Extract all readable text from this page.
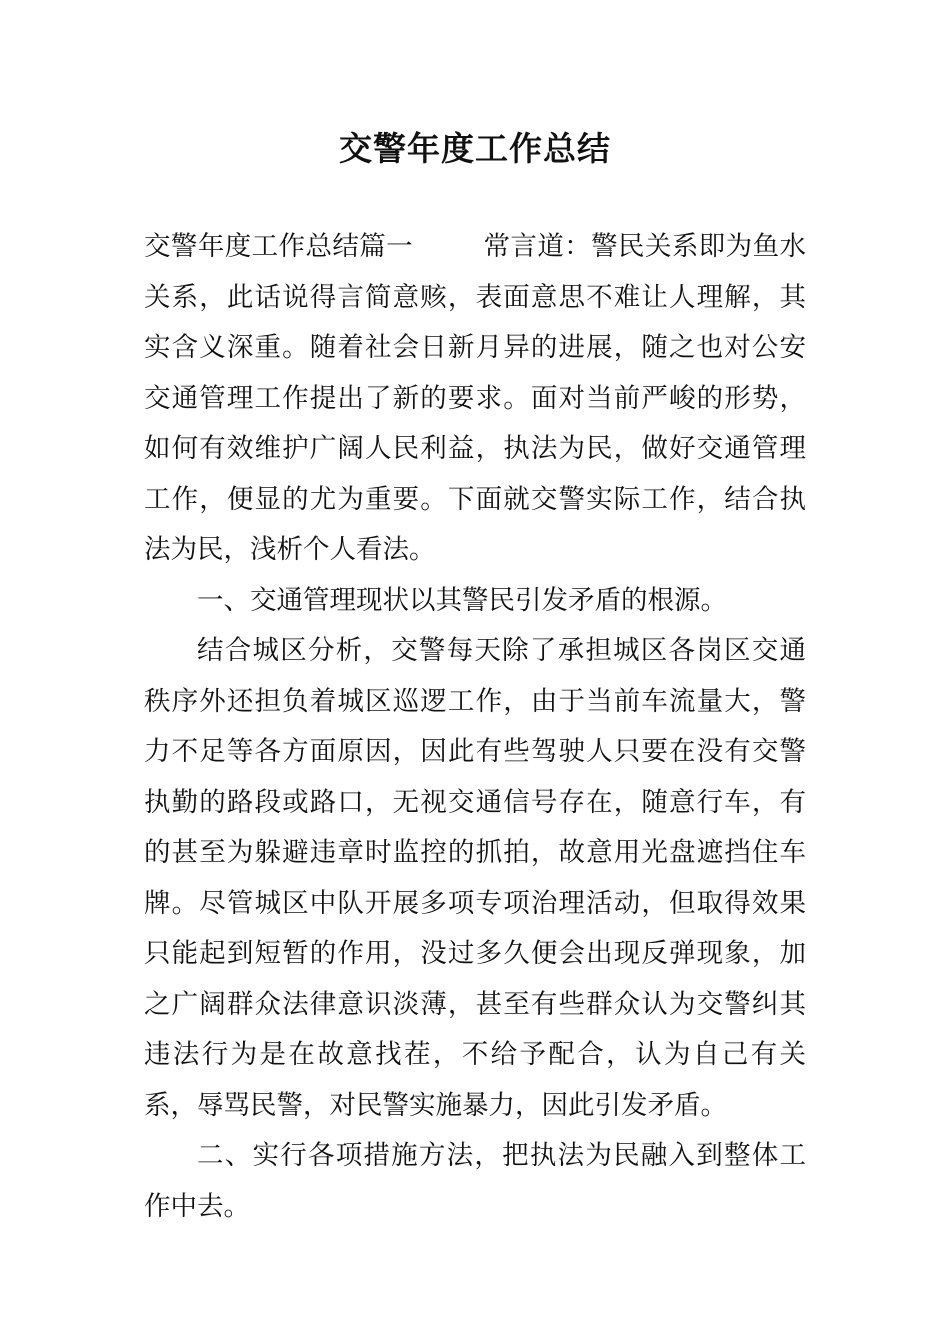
交警年度工作总结

交警年度工作总结篇一	常言道：警民关系即为鱼水关系，此话说得言简意赅，表面意思不难让人理解，其实含义深重。随着社会日新月异的进展，随之也对公安交通管理工作提出了新的要求。面对当前严峻的形势，如何有效维护广阔人民利益，执法为民，做好交通管理工作，便显的尤为重要。下面就交警实际工作，结合执法为民，浅析个人看法。

一、交通管理现状以其警民引发矛盾的根源。

结合城区分析，交警每天除了承担城区各岗区交通秩序外还担负着城区巡逻工作，由于当前车流量大，警力不足等各方面原因，因此有些驾驶人只要在没有交警执勤的路段或路口，无视交通信号存在，随意行车，有的甚至为躲避违章时监控的抓拍，故意用光盘遮挡住车牌。尽管城区中队开展多项专项治理活动，但取得效果只能起到短暂的作用，没过多久便会出现反弹现象，加之广阔群众法律意识淡薄，甚至有些群众认为交警纠其违法行为是在故意找茬，不给予配合，认为自己有关系，辱骂民警，对民警实施暴力，因此引发矛盾。

二、实行各项措施方法，把执法为民融入到整体工作中去。
